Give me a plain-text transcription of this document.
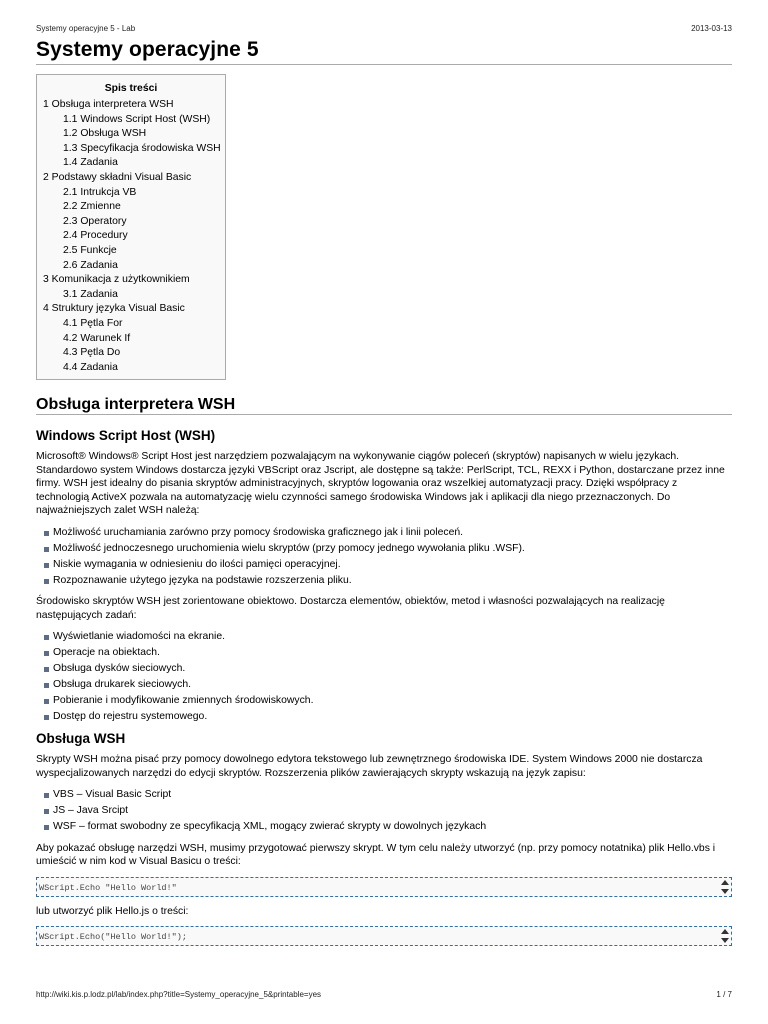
Systemy operacyjne 5 - Lab	2013-03-13
Systemy operacyjne 5
Spis treści
1 Obsługa interpretera WSH
1.1 Windows Script Host (WSH)
1.2 Obsługa WSH
1.3 Specyfikacja środowiska WSH
1.4 Zadania
2 Podstawy składni Visual Basic
2.1 Intrukcja VB
2.2 Zmienne
2.3 Operatory
2.4 Procedury
2.5 Funkcje
2.6 Zadania
3 Komunikacja z użytkownikiem
3.1 Zadania
4 Struktury języka Visual Basic
4.1 Pętla For
4.2 Warunek If
4.3 Pętla Do
4.4 Zadania
Obsługa interpretera WSH
Windows Script Host (WSH)

Microsoft® Windows® Script Host jest narzędziem pozwalającym na wykonywanie ciągów poleceń (skryptów) napisanych w wielu językach. Standardowo system Windows dostarcza języki VBScript oraz Jscript, ale dostępne są także: PerlScript, TCL, REXX i Python, dostarczane przez inne firmy. WSH jest idealny do pisania skryptów administracyjnych, skryptów logowania oraz wszelkiej automatyzacji pracy. Dzięki współpracy z technologią ActiveX pozwala na automatyzację wielu czynności samego środowiska Windows jak i aplikacji dla niego przeznaczonych. Do najważniejszych zalet WSH należą:

Możliwość uruchamiania zarówno przy pomocy środowiska graficznego jak i linii poleceń.
Możliwość jednoczesnego uruchomienia wielu skryptów (przy pomocy jednego wywołania pliku .WSF).
Niskie wymagania w odniesieniu do ilości pamięci operacyjnej.
Rozpoznawanie użytego języka na podstawie rozszerzenia pliku.

Środowisko skryptów WSH jest zorientowane obiektowo. Dostarcza elementów, obiektów, metod i własności pozwalających na realizację następujących zadań:

Wyświetlanie wiadomości na ekranie.
Operacje na obiektach.
Obsługa dysków sieciowych.
Obsługa drukarek sieciowych.
Pobieranie i modyfikowanie zmiennych środowiskowych.
Dostęp do rejestru systemowego.
Obsługa WSH

Skrypty WSH można pisać przy pomocy dowolnego edytora tekstowego lub zewnętrznego środowiska IDE. System Windows 2000 nie dostarcza wyspecjalizowanych narzędzi do edycji skryptów. Rozszerzenia plików zawierających skrypty wskazują na język zapisu:

VBS – Visual Basic Script
JS – Java Srcipt
WSF – format swobodny ze specyfikacją XML, mogący zwierać skrypty w dowolnych językach

Aby pokazać obsługę narzędzi WSH, musimy przygotować pierwszy skrypt. W tym celu należy utworzyć (np. przy pomocy notatnika) plik Hello.vbs i umieścić w nim kod w Visual Basicu o treści:

WScript.Echo "Hello World!"

lub utworzyć plik Hello.js o treści:

WScript.Echo("Hello World!");
http://wiki.kis.p.lodz.pl/lab/index.php?title=Systemy_operacyjne_5&printable=yes	1 / 7
